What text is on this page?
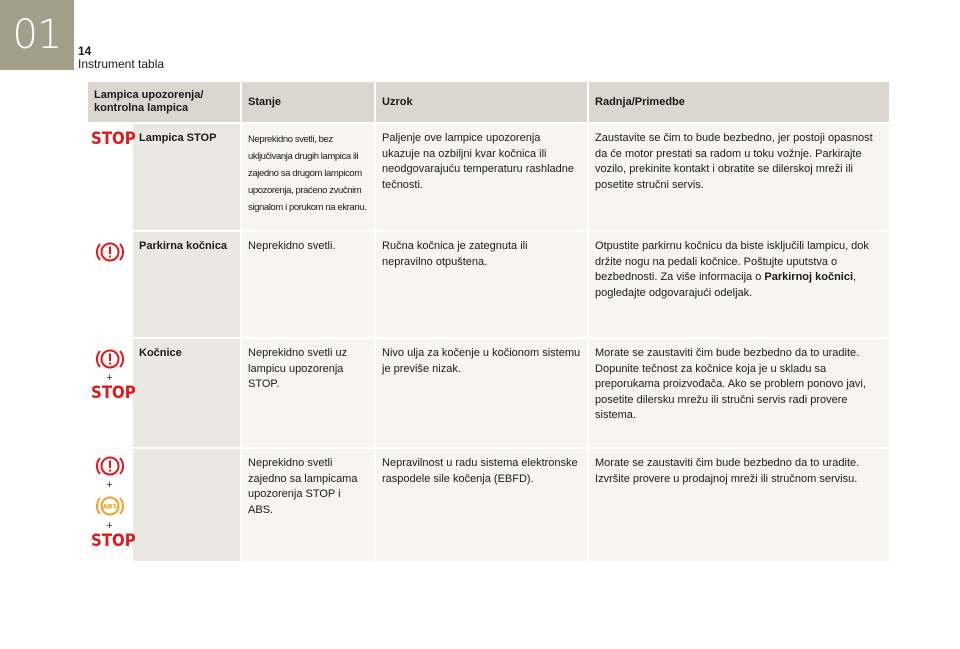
01 14
Instrument tabla
Lampica upozorenja/ kontrolna lampica		Stanje	Uzrok	Radnja/Primedbe
STOP	Lampica STOP	Neprekidno svetli, bez uključivanja drugih lampica ili zajedno sa drugom lampicom upozorenja, praćeno zvučnim signalom i porukom na ekranu.	Paljenje ove lampice upozorenja ukazuje na ozbiljni kvar kočnica ili neodgovarajuću temperaturu rashladne tečnosti.	Zaustavite se čim to bude bezbedno, jer postoji opasnost da će motor prestati sa radom u toku vožnje. Parkirajte vozilo, prekinite kontakt i obratite se dilerskoj mreži ili posetite stručni servis.

	Parkirna kočnica	Neprekidno svetli.	Ručna kočnica je zategnuta ili nepravilno otpuštena.	Otpustite parkirnu kočnicu da biste isključili lampicu, dok držite nogu na pedali kočnice. Poštujte uputstva o bezbednosti. Za više informacija o Parkirnoj kočnici, pogledajte odgovarajući odeljak.

+
STOP	Kočnice	Neprekidno svetli uz lampicu upozorenja STOP.	Nivo ulja za kočenje u kočionom sistemu je previše nizak.	Morate se zaustaviti čim bude bezbedno da to uradite. Dopunite tečnost za kočnice koja je u skladu sa preporukama proizvođača. Ako se problem ponovo javi, posetite dilersku mrežu ili stručni servis radi provere sistema.

+
ABS
+
STOP		Neprekidno svetli zajedno sa lampicama upozorenja STOP i ABS.	Nepravilnost u radu sistema elektronske raspodele sile kočenja (EBFD).	Morate se zaustaviti čim bude bezbedno da to uradite. Izvršite provere u prodajnoj mreži ili stručnom servisu.
